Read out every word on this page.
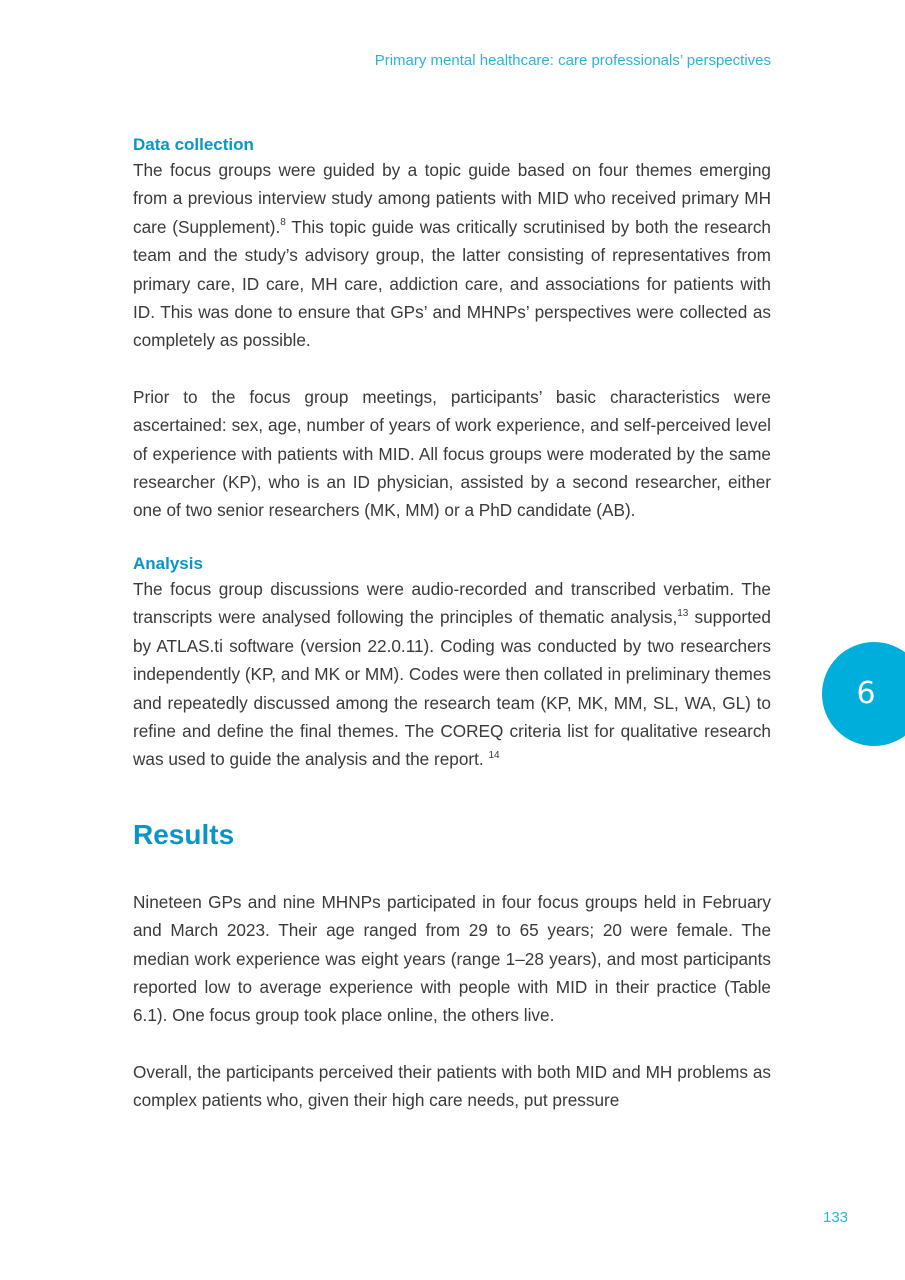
Primary mental healthcare: care professionals’ perspectives
Data collection

The focus groups were guided by a topic guide based on four themes emerging from a previous interview study among patients with MID who received primary MH care (Supplement).$^8$ This topic guide was critically scrutinised by both the research team and the study’s advisory group, the latter consisting of representatives from primary care, ID care, MH care, addiction care, and associations for patients with ID. This was done to ensure that GPs’ and MHNPs’ perspectives were collected as completely as possible.

Prior to the focus group meetings, participants’ basic characteristics were ascertained: sex, age, number of years of work experience, and self-perceived level of experience with patients with MID. All focus groups were moderated by the same researcher (KP), who is an ID physician, assisted by a second researcher, either one of two senior researchers (MK, MM) or a PhD candidate (AB).

Analysis

The focus group discussions were audio-recorded and transcribed verbatim. The transcripts were analysed following the principles of thematic analysis,$^{13}$ supported by ATLAS.ti software (version 22.0.11). Coding was conducted by two researchers independently (KP, and MK or MM). Codes were then collated in preliminary themes and repeatedly discussed among the research team (KP, MK, MM, SL, WA, GL) to refine and define the final themes. The COREQ criteria list for qualitative research was used to guide the analysis and the report. $^{14}$

Results

Nineteen GPs and nine MHNPs participated in four focus groups held in February and March 2023. Their age ranged from 29 to 65 years; 20 were female. The median work experience was eight years (range 1–28 years), and most participants reported low to average experience with people with MID in their practice (Table 6.1). One focus group took place online, the others live.

Overall, the participants perceived their patients with both MID and MH problems as complex patients who, given their high care needs, put pressure

6
133
